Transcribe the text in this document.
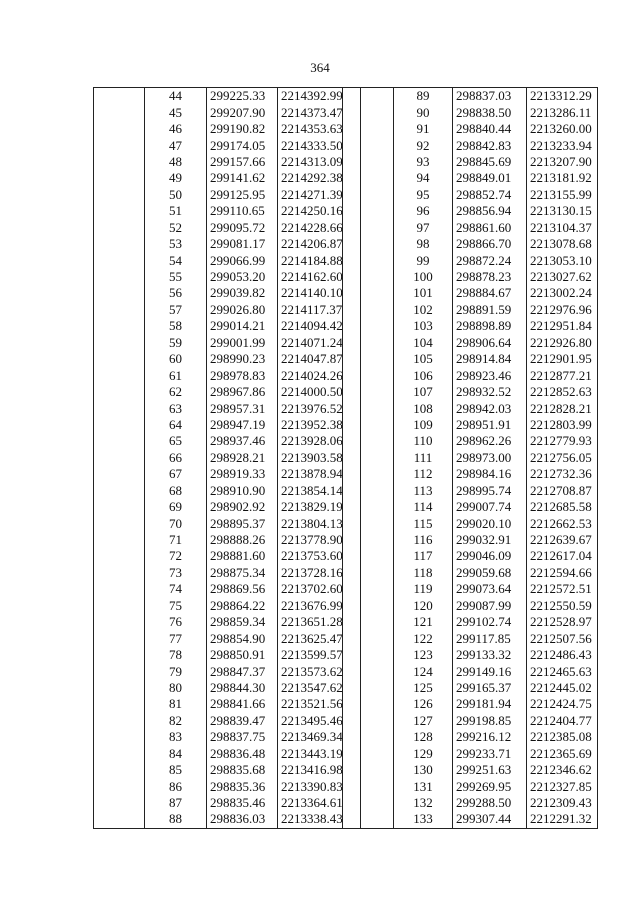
364
	44	299225.33	2214392.99
	45	299207.90	2214373.47
	46	299190.82	2214353.63
	47	299174.05	2214333.50
	48	299157.66	2214313.09
	49	299141.62	2214292.38
	50	299125.95	2214271.39
	51	299110.65	2214250.16
	52	299095.72	2214228.66
	53	299081.17	2214206.87
	54	299066.99	2214184.88
	55	299053.20	2214162.60
	56	299039.82	2214140.10
	57	299026.80	2214117.37
	58	299014.21	2214094.42
	59	299001.99	2214071.24
	60	298990.23	2214047.87
	61	298978.83	2214024.26
	62	298967.86	2214000.50
	63	298957.31	2213976.52
	64	298947.19	2213952.38
	65	298937.46	2213928.06
	66	298928.21	2213903.58
	67	298919.33	2213878.94
	68	298910.90	2213854.14
	69	298902.92	2213829.19
	70	298895.37	2213804.13
	71	298888.26	2213778.90
	72	298881.60	2213753.60
	73	298875.34	2213728.16
	74	298869.56	2213702.60
	75	298864.22	2213676.99
	76	298859.34	2213651.28
	77	298854.90	2213625.47
	78	298850.91	2213599.57
	79	298847.37	2213573.62
	80	298844.30	2213547.62
	81	298841.66	2213521.56
	82	298839.47	2213495.46
	83	298837.75	2213469.34
	84	298836.48	2213443.19
	85	298835.68	2213416.98
	86	298835.36	2213390.83
	87	298835.46	2213364.61
	88	298836.03	2213338.43
	89	298837.03	2213312.29
	90	298838.50	2213286.11
	91	298840.44	2213260.00
	92	298842.83	2213233.94
	93	298845.69	2213207.90
	94	298849.01	2213181.92
	95	298852.74	2213155.99
	96	298856.94	2213130.15
	97	298861.60	2213104.37
	98	298866.70	2213078.68
	99	298872.24	2213053.10
	100	298878.23	2213027.62
	101	298884.67	2213002.24
	102	298891.59	2212976.96
	103	298898.89	2212951.84
	104	298906.64	2212926.80
	105	298914.84	2212901.95
	106	298923.46	2212877.21
	107	298932.52	2212852.63
	108	298942.03	2212828.21
	109	298951.91	2212803.99
	110	298962.26	2212779.93
	111	298973.00	2212756.05
	112	298984.16	2212732.36
	113	298995.74	2212708.87
	114	299007.74	2212685.58
	115	299020.10	2212662.53
	116	299032.91	2212639.67
	117	299046.09	2212617.04
	118	299059.68	2212594.66
	119	299073.64	2212572.51
	120	299087.99	2212550.59
	121	299102.74	2212528.97
	122	299117.85	2212507.56
	123	299133.32	2212486.43
	124	299149.16	2212465.63
	125	299165.37	2212445.02
	126	299181.94	2212424.75
	127	299198.85	2212404.77
	128	299216.12	2212385.08
	129	299233.71	2212365.69
	130	299251.63	2212346.62
	131	299269.95	2212327.85
	132	299288.50	2212309.43
	133	299307.44	2212291.32
